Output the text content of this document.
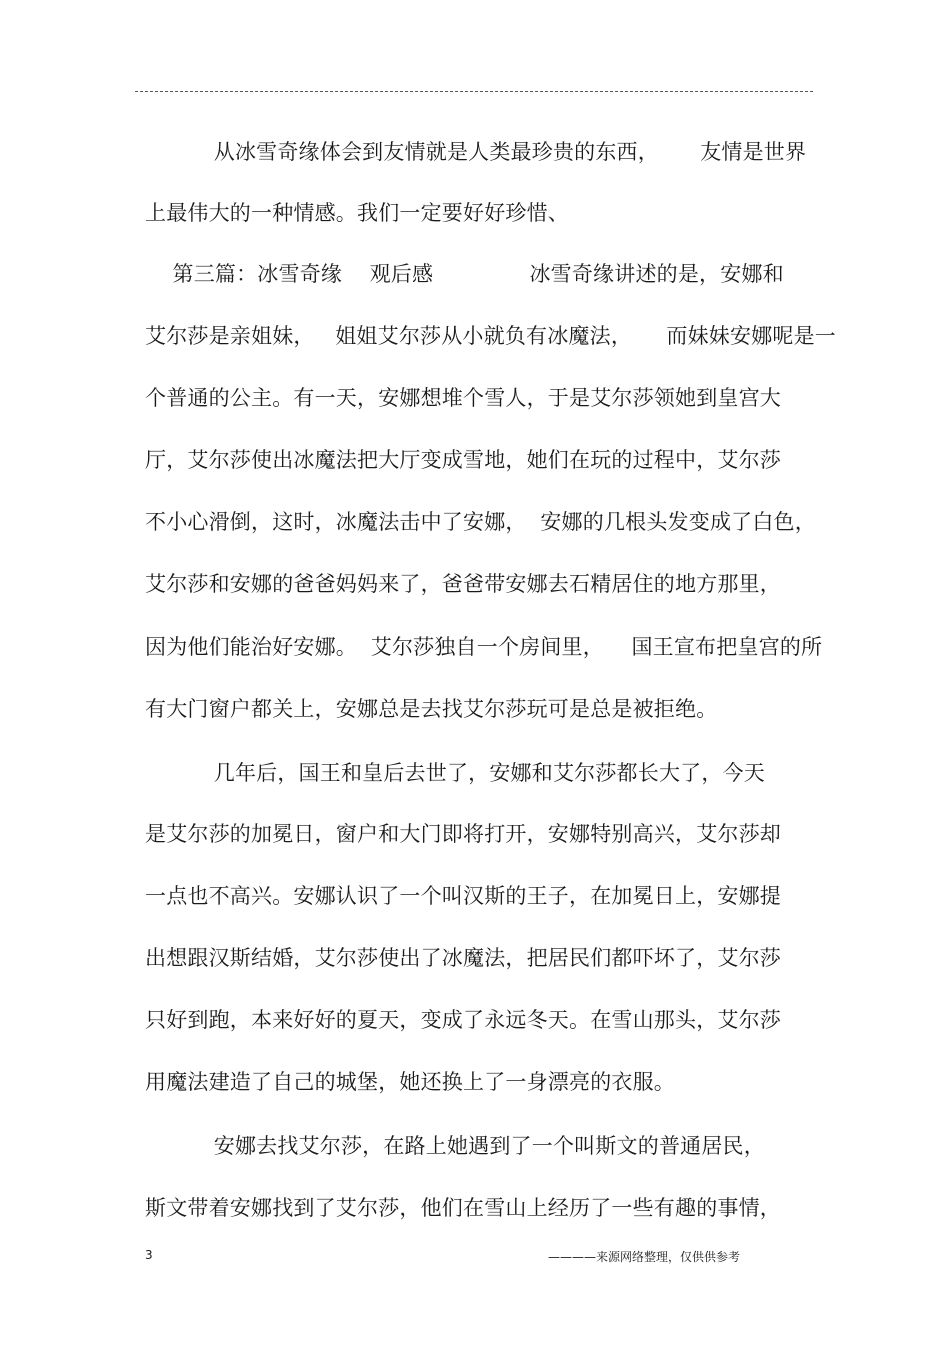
从冰雪奇缘体会到友情就是人类最珍贵的东西，      友情是世界
上最伟大的一种情感。我们一定要好好珍惜、
第三篇：冰雪奇缘    观后感              冰雪奇缘讲述的是，安娜和
艾尔莎是亲姐妹，   姐姐艾尔莎从小就负有冰魔法，     而妹妹安娜呢是一
个普通的公主。有一天，安娜想堆个雪人，于是艾尔莎领她到皇宫大
厅，艾尔莎使出冰魔法把大厅变成雪地，她们在玩的过程中，艾尔莎
不小心滑倒，这时，冰魔法击中了安娜，  安娜的几根头发变成了白色，
艾尔莎和安娜的爸爸妈妈来了，爸爸带安娜去石精居住的地方那里，
因为他们能治好安娜。  艾尔莎独自一个房间里，    国王宣布把皇宫的所
有大门窗户都关上，安娜总是去找艾尔莎玩可是总是被拒绝。
几年后，国王和皇后去世了，安娜和艾尔莎都长大了，今天
是艾尔莎的加冕日，窗户和大门即将打开，安娜特别高兴，艾尔莎却
一点也不高兴。安娜认识了一个叫汉斯的王子，在加冕日上，安娜提
出想跟汉斯结婚，艾尔莎使出了冰魔法，把居民们都吓坏了，艾尔莎
只好到跑，本来好好的夏天，变成了永远冬天。在雪山那头，艾尔莎
用魔法建造了自己的城堡，她还换上了一身漂亮的衣服。
安娜去找艾尔莎，在路上她遇到了一个叫斯文的普通居民，
斯文带着安娜找到了艾尔莎，他们在雪山上经历了一些有趣的事情，
3	————来源网络整理，仅供供参考
